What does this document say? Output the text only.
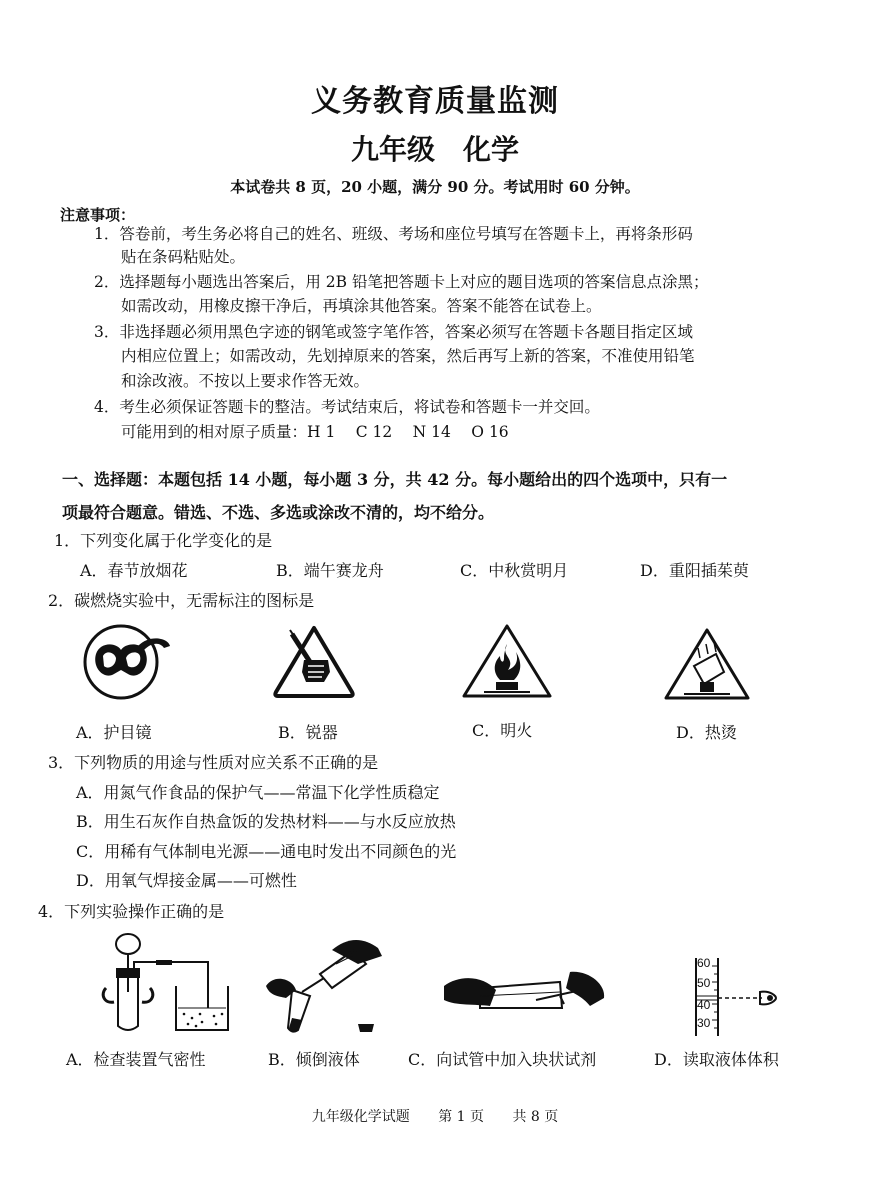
义务教育质量监测
九年级　化学
本试卷共 8 页，20 小题，满分 90 分。考试用时 60 分钟。
注意事项：
1．答卷前，考生务必将自己的姓名、班级、考场和座位号填写在答题卡上，再将条形码
贴在条码粘贴处。
2．选择题每小题选出答案后，用 2B 铅笔把答题卡上对应的题目选项的答案信息点涂黑；
如需改动，用橡皮擦干净后，再填涂其他答案。答案不能答在试卷上。
3．非选择题必须用黑色字迹的钢笔或签字笔作答，答案必须写在答题卡各题目指定区域
内相应位置上；如需改动，先划掉原来的答案，然后再写上新的答案，不准使用铅笔
和涂改液。不按以上要求作答无效。
4．考生必须保证答题卡的整洁。考试结束后，将试卷和答题卡一并交回。
可能用到的相对原子质量：H 1　 C 12　 N 14　 O 16
一、选择题：本题包括 14 小题，每小题 3 分，共 42 分。每小题给出的四个选项中，只有一
项最符合题意。错选、不选、多选或涂改不清的，均不给分。
1．下列变化属于化学变化的是
A．春节放烟花	B．端午赛龙舟	C．中秋赏明月	D．重阳插茱萸
2．碳燃烧实验中，无需标注的图标是
A．护目镜	B．锐器	C．明火	D．热烫
3．下列物质的用途与性质对应关系不正确的是
A．用氮气作食品的保护气——常温下化学性质稳定
B．用生石灰作自热盒饭的发热材料——与水反应放热
C．用稀有气体制电光源——通电时发出不同颜色的光
D．用氧气焊接金属——可燃性
4．下列实验操作正确的是
60
50
40
30
A．检查装置气密性	B．倾倒液体	C．向试管中加入块状试剂	D．读取液体体积
九年级化学试题 第 1 页 共 8 页
